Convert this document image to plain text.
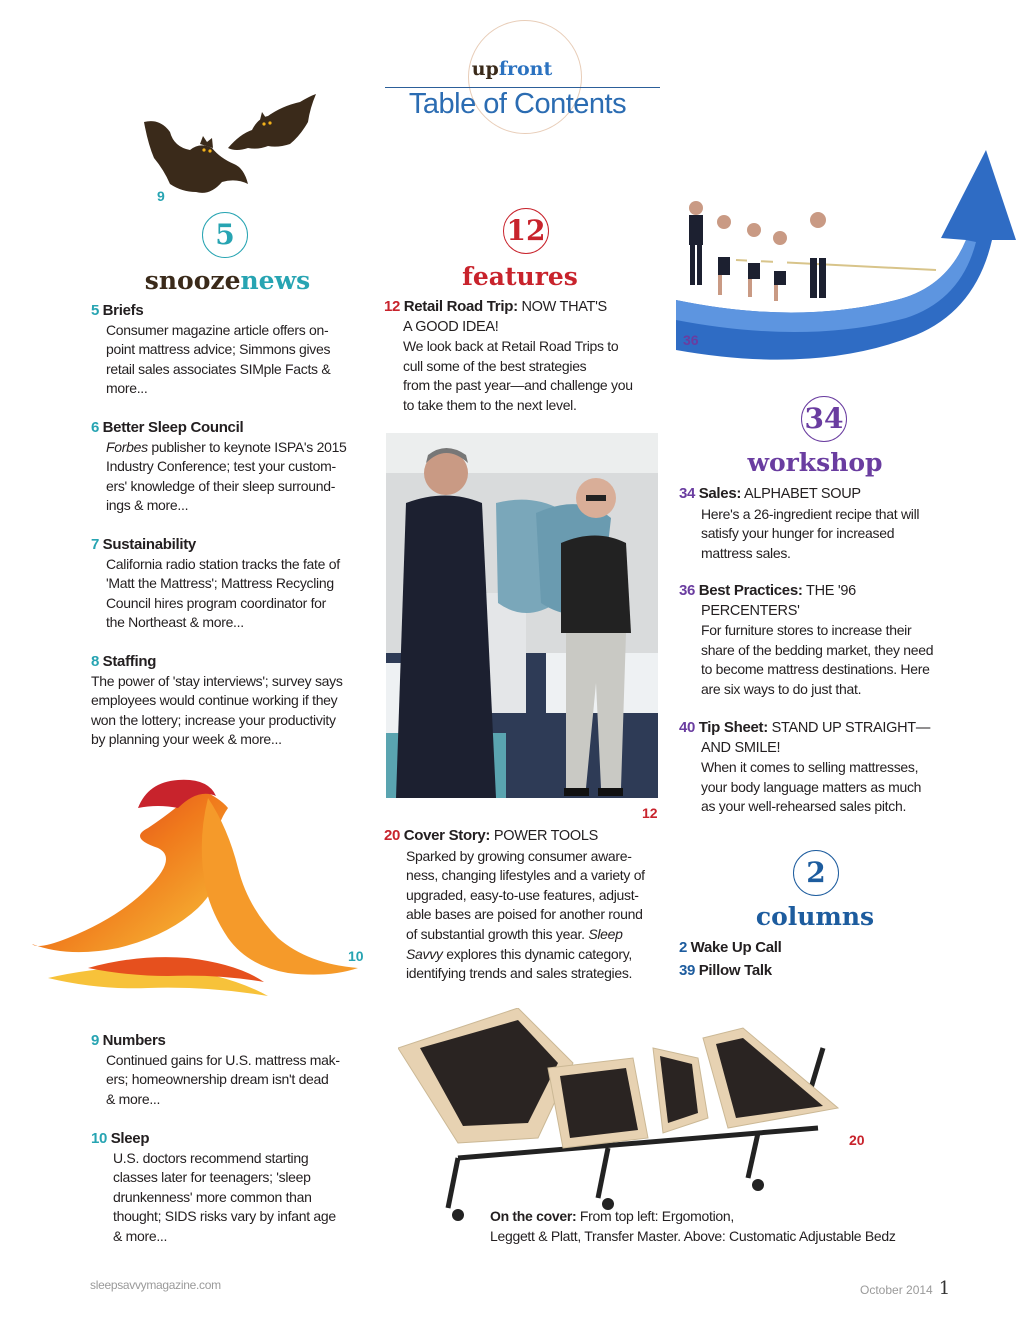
upfront
Table of Contents
9
5
snoozenews
5 Briefs
Consumer magazine article offers on-
point mattress advice; Simmons gives
retail sales associates SIMple Facts &
more...
6 Better Sleep Council
Forbes publisher to keynote ISPA's 2015
Industry Conference; test your custom-
ers' knowledge of their sleep surround-
ings & more...
7 Sustainability
California radio station tracks the fate of
'Matt the Mattress'; Mattress Recycling
Council hires program coordinator for
the Northeast & more...
8 Staffing
The power of 'stay interviews'; survey says
employees would continue working if they
won the lottery; increase your productivity
by planning your week & more...
10
9 Numbers
Continued gains for U.S. mattress mak-
ers; homeownership dream isn't dead
& more...
10 Sleep
U.S. doctors recommend starting
classes later for teenagers; 'sleep
drunkenness' more common than
thought; SIDS risks vary by infant age
& more...
12
features
12 Retail Road Trip: NOW THAT'S
A GOOD IDEA!
We look back at Retail Road Trips to
cull some of the best strategies
from the past year—and challenge you
to take them to the next level.
12
20 Cover Story: POWER TOOLS
Sparked by growing consumer aware-
ness, changing lifestyles and a variety of
upgraded, easy-to-use features, adjust-
able bases are poised for another round
of substantial growth this year. Sleep
Savvy explores this dynamic category,
identifying trends and sales strategies.
36
34
workshop
34 Sales: ALPHABET SOUP
Here's a 26-ingredient recipe that will
satisfy your hunger for increased
mattress sales.
36 Best Practices: THE '96
PERCENTERS'
For furniture stores to increase their
share of the bedding market, they need
to become mattress destinations. Here
are six ways to do just that.
40 Tip Sheet: STAND UP STRAIGHT—
AND SMILE!
When it comes to selling mattresses,
your body language matters as much
as your well-rehearsed sales pitch.
2
columns
2 Wake Up Call
39 Pillow Talk
20
On the cover: From top left: Ergomotion,
Leggett & Platt, Transfer Master. Above: Customatic Adjustable Bedz
sleepsavvymagazine.com	October 2014 1
